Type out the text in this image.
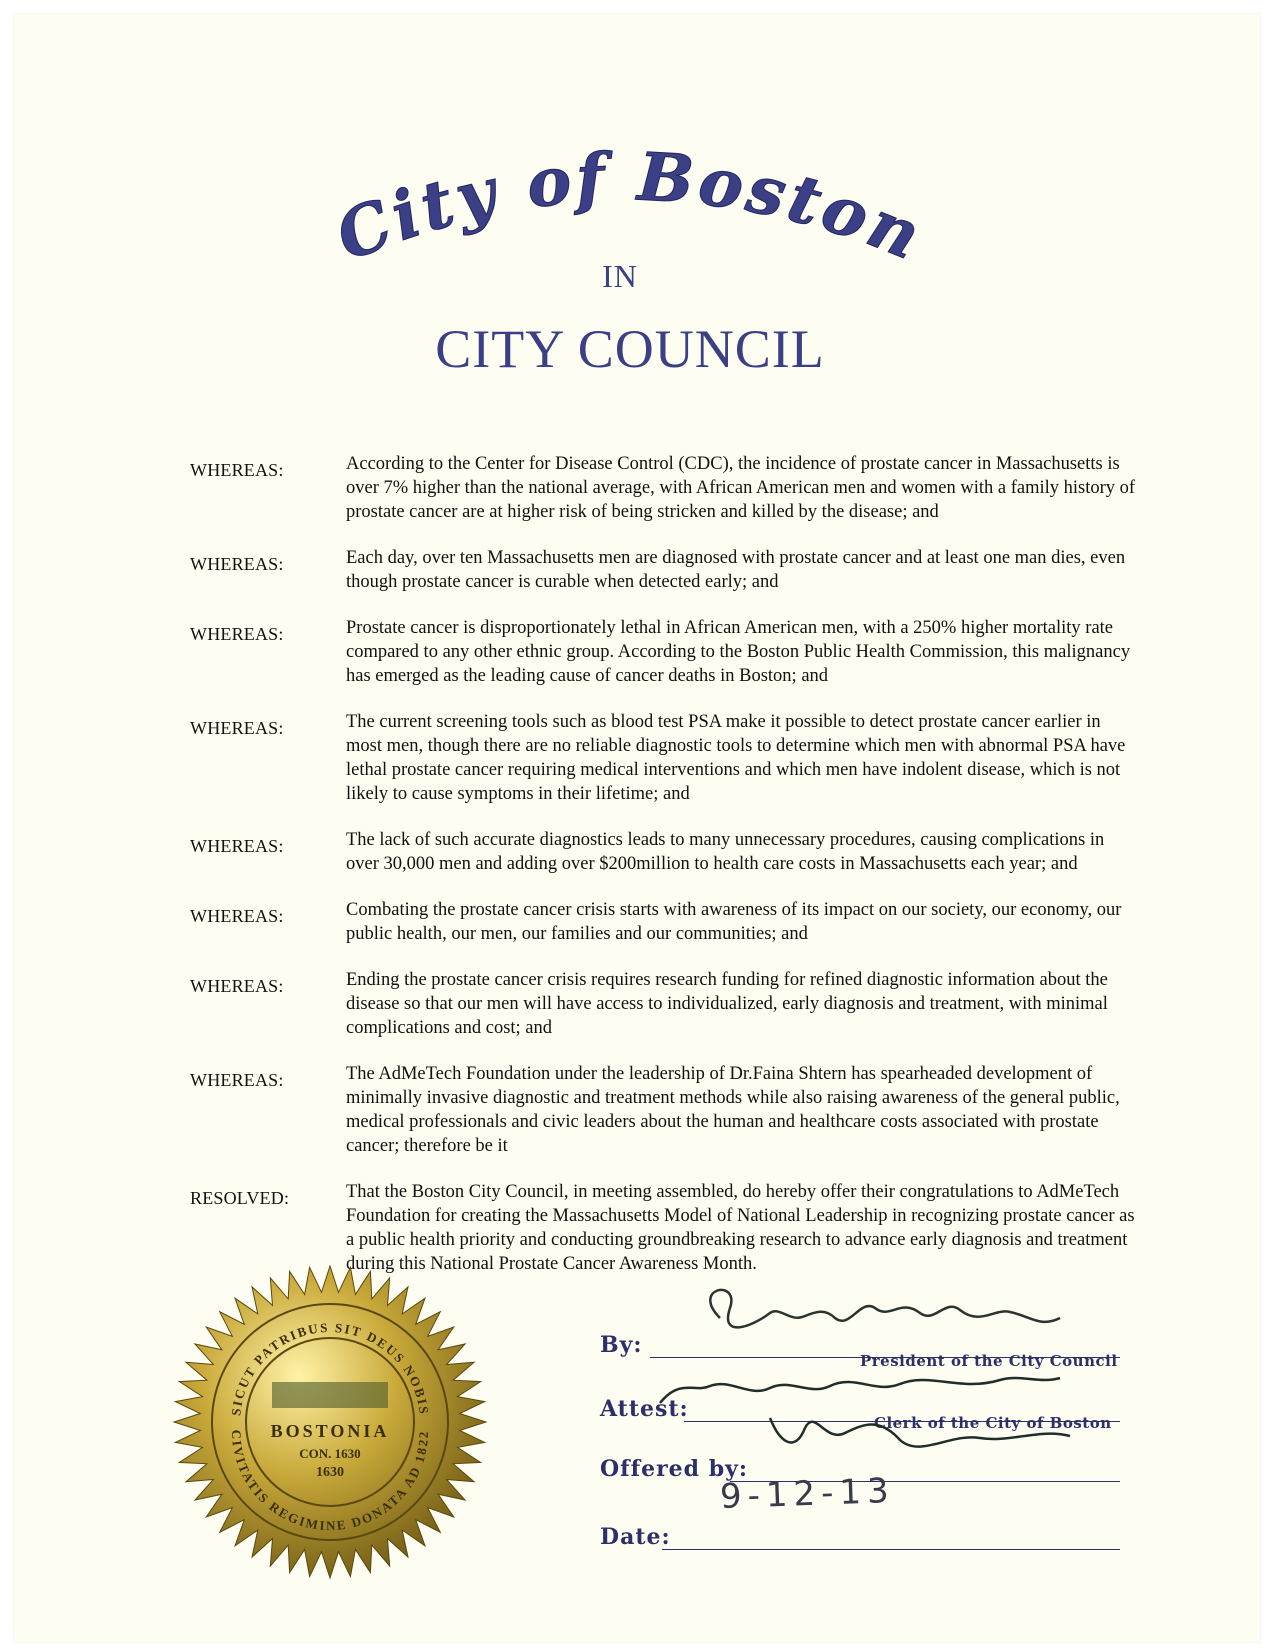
City of Boston
IN
CITY COUNCIL
WHEREAS:	According to the Center for Disease Control (CDC), the incidence of prostate cancer in Massachusetts is over 7% higher than the national average, with African American men and women with a family history of prostate cancer are at higher risk of being stricken and killed by the disease; and
WHEREAS:	Each day, over ten Massachusetts men are diagnosed with prostate cancer and at least one man dies, even though prostate cancer is curable when detected early; and
WHEREAS:	Prostate cancer is disproportionately lethal in African American men, with a 250% higher mortality rate compared to any other ethnic group. According to the Boston Public Health Commission, this malignancy has emerged as the leading cause of cancer deaths in Boston; and
WHEREAS:	The current screening tools such as blood test PSA make it possible to detect prostate cancer earlier in most men, though there are no reliable diagnostic tools to determine which men with abnormal PSA have lethal prostate cancer requiring medical interventions and which men have indolent disease, which is not likely to cause symptoms in their lifetime; and
WHEREAS:	The lack of such accurate diagnostics leads to many unnecessary procedures, causing complications in over 30,000 men and adding over $200million to health care costs in Massachusetts each year; and
WHEREAS:	Combating the prostate cancer crisis starts with awareness of its impact on our society, our economy, our public health, our men, our families and our communities; and
WHEREAS:	Ending the prostate cancer crisis requires research funding for refined diagnostic information about the disease so that our men will have access to individualized, early diagnosis and treatment, with minimal complications and cost; and
WHEREAS:	The AdMeTech Foundation under the leadership of Dr.Faina Shtern has spearheaded development of minimally invasive diagnostic and treatment methods while also raising awareness of the general public, medical professionals and civic leaders about the human and healthcare costs associated with prostate cancer; therefore be it
RESOLVED:	That the Boston City Council, in meeting assembled, do hereby offer their congratulations to AdMeTech Foundation for creating the Massachusetts Model of National Leadership in recognizing prostate cancer as a public health priority and conducting groundbreaking research to advance early diagnosis and treatment during this National Prostate Cancer Awareness Month.
SICUT PATRIBUS SIT DEUS NOBIS
CIVITATIS REGIMINE DONATA AD 1822
BOSTONIA
CON. 1630
1630
By:
President of the City Council
Attest:
Clerk of the City of Boston
Offered by:
Date:
9-12-13
